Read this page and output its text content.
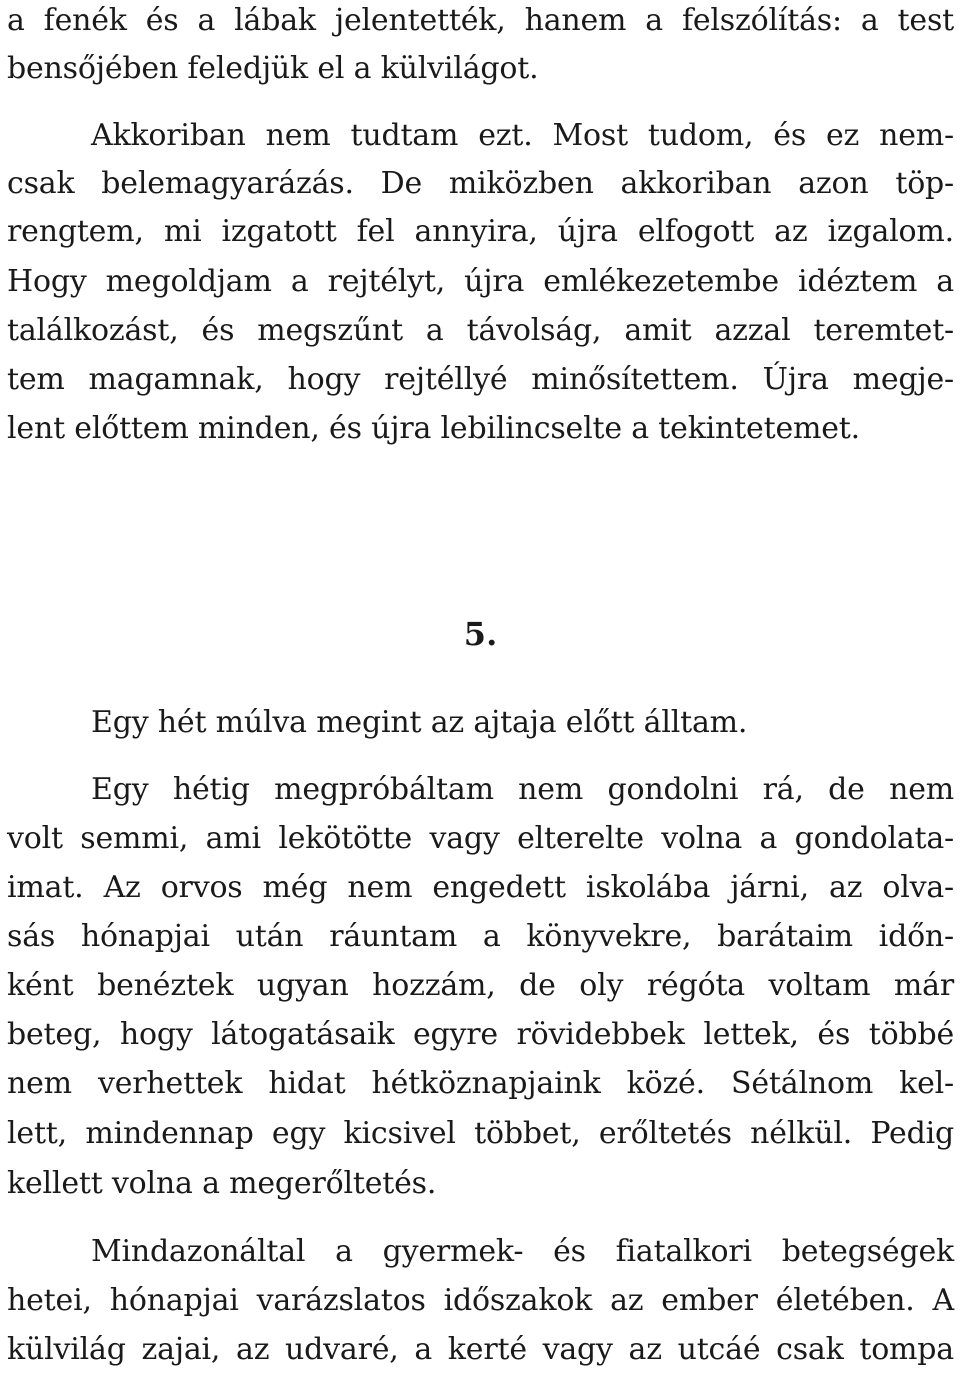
a fenék és a lábak jelentették, hanem a felszólítás: a test
bensőjében feledjük el a külvilágot.
Akkoriban nem tudtam ezt. Most tudom, és ez nem-
csak belemagyarázás. De miközben akkoriban azon töp-
rengtem, mi izgatott fel annyira, újra elfogott az izgalom.
Hogy megoldjam a rejtélyt, újra emlékezetembe idéztem a
találkozást, és megszűnt a távolság, amit azzal teremtet-
tem magamnak, hogy rejtéllyé minősítettem. Újra megje-
lent előttem minden, és újra lebilincselte a tekintetemet.
5.
Egy hét múlva megint az ajtaja előtt álltam.
Egy hétig megpróbáltam nem gondolni rá, de nem
volt semmi, ami lekötötte vagy elterelte volna a gondolata-
imat. Az orvos még nem engedett iskolába járni, az olva-
sás hónapjai után ráuntam a könyvekre, barátaim időn-
ként benéztek ugyan hozzám, de oly régóta voltam már
beteg, hogy látogatásaik egyre rövidebbek lettek, és többé
nem verhettek hidat hétköznapjaink közé. Sétálnom kel-
lett, mindennap egy kicsivel többet, erőltetés nélkül. Pedig
kellett volna a megerőltetés.
Mindazonáltal a gyermek- és fiatalkori betegségek
hetei, hónapjai varázslatos időszakok az ember életében. A
külvilág zajai, az udvaré, a kerté vagy az utcáé csak tompa
